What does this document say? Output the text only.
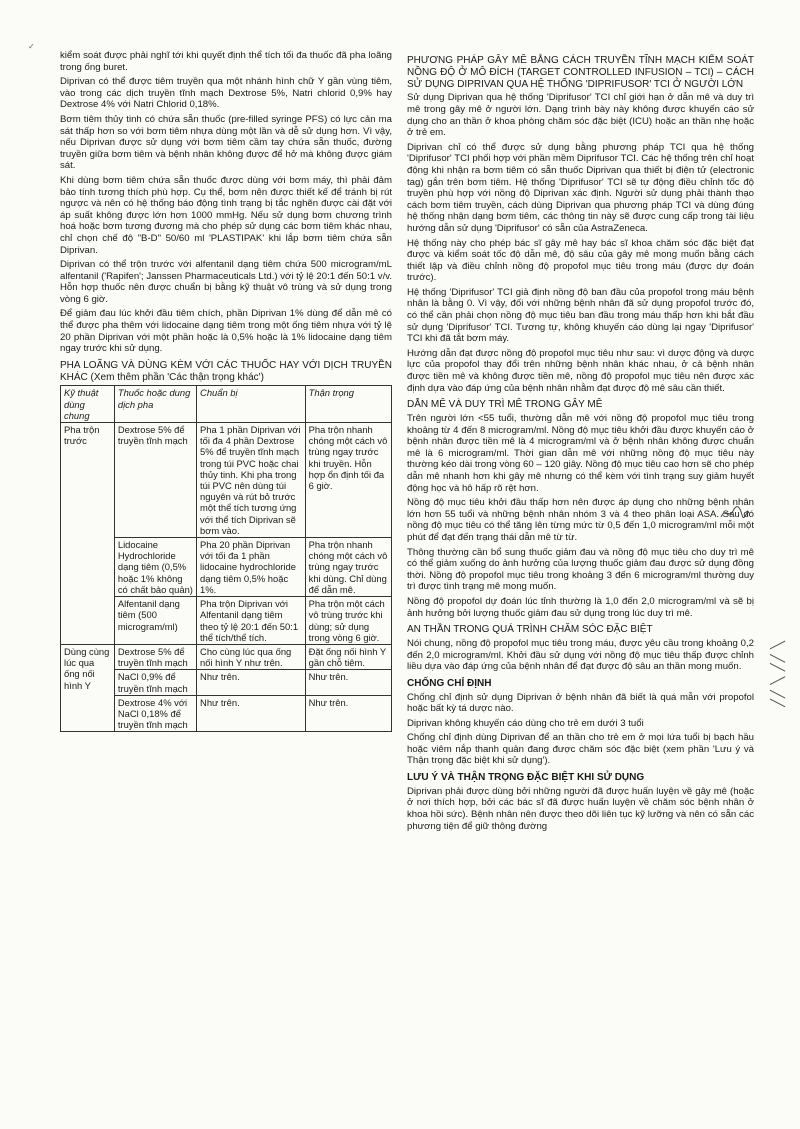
✓

kiểm soát được phải nghĩ tới khi quyết định thể tích tối đa thuốc đã pha loãng trong ống buret.

Diprivan có thể được tiêm truyền qua một nhánh hình chữ Y gần vùng tiêm, vào trong các dịch truyền tĩnh mạch Dextrose 5%, Natri chlorid 0,9% hay Dextrose 4% với Natri Chlorid 0,18%.

Bơm tiêm thủy tinh có chứa sẵn thuốc (pre-filled syringe PFS) có lực cản ma sát thấp hơn so với bơm tiêm nhựa dùng một lần và dễ sử dụng hơn. Vì vậy, nếu Diprivan được sử dụng với bơm tiêm cầm tay chứa sẵn thuốc, đường truyền giữa bơm tiêm và bệnh nhân không được để hở mà không được giám sát.

Khi dùng bơm tiêm chứa sẵn thuốc được dùng với bơm máy, thì phải đảm bảo tính tương thích phù hợp. Cụ thể, bơm nên được thiết kế để tránh bị rút ngược và nên có hệ thống báo động tình trạng bị tắc nghẽn được cài đặt với áp suất không được lớn hơn 1000 mmHg. Nếu sử dụng bơm chương trình hoá hoặc bơm tương đương mà cho phép sử dụng các bơm tiêm khác nhau, chỉ chọn chế độ "B-D" 50/60 ml 'PLASTIPAK' khi lắp bơm tiêm chứa sẵn Diprivan.

Diprivan có thể trộn trước với alfentanil dạng tiêm chứa 500 microgram/mL alfentanil ('Rapifen'; Janssen Pharmaceuticals Ltd.) với tỷ lệ 20:1 đến 50:1 v/v. Hỗn hợp thuốc nên được chuẩn bị bằng kỹ thuật vô trùng và sử dụng trong vòng 6 giờ.

Để giảm đau lúc khởi đầu tiêm chích, phần Diprivan 1% dùng để dẫn mê có thể được pha thêm với lidocaine dạng tiêm trong một ống tiêm nhựa với tỷ lệ 20 phần Diprivan với một phần hoặc là 0,5% hoặc là 1% lidocaine dạng tiêm ngay trước khi sử dụng.

PHA LOÃNG VÀ DÙNG KÈM VỚI CÁC THUỐC HAY VỚI DỊCH TRUYỀN KHÁC (Xem thêm phần 'Các thận trọng khác')
Kỹ thuật dùng chung	Thuốc hoặc dung dịch pha	Chuẩn bị	Thận trọng
Pha trộn trước	Dextrose 5% để truyền tĩnh mạch	Pha 1 phần Diprivan với tối đa 4 phần Dextrose 5% để truyền tĩnh mạch trong túi PVC hoặc chai thủy tinh. Khi pha trong túi PVC nên dùng túi nguyên và rút bỏ trước một thể tích tương ứng với thể tích Diprivan sẽ bơm vào.	Pha trộn nhanh chóng một cách vô trùng ngay trước khi truyền. Hỗn hợp ổn định tối đa 6 giờ.
	Lidocaine Hydrochloride dạng tiêm (0,5% hoặc 1% không có chất bảo quản)	Pha 20 phần Diprivan với tối đa 1 phần lidocaine hydrochloride dạng tiêm 0,5% hoặc 1%.	Pha trộn nhanh chóng một cách vô trùng ngay trước khi dùng. Chỉ dùng để dẫn mê.
	Alfentanil dạng tiêm (500 microgram/ml)	Pha trộn Diprivan với Alfentanil dạng tiêm theo tỷ lệ 20:1 đến 50:1 thể tích/thể tích.	Pha trộn một cách vô trùng trước khi dùng; sử dụng trong vòng 6 giờ.
Dùng cùng lúc qua ống nối hình Y	Dextrose 5% để truyền tĩnh mạch	Cho cùng lúc qua ống nối hình Y như trên.	Đặt ống nối hình Y gần chỗ tiêm.
	NaCl 0,9% để truyền tĩnh mạch	Như trên.	Như trên.
	Dextrose 4% với NaCl 0,18% để truyền tĩnh mạch	Như trên.	Như trên.
PHƯƠNG PHÁP GÂY MÊ BẰNG CÁCH TRUYỀN TĨNH MẠCH KIỂM SOÁT NỒNG ĐỘ Ở MÔ ĐÍCH (TARGET CONTROLLED INFUSION – TCI) – CÁCH SỬ DỤNG DIPRIVAN QUA HỆ THỐNG 'DIPRIFUSOR' TCI Ở NGƯỜI LỚN

Sử dụng Diprivan qua hệ thống 'Diprifusor' TCI chỉ giới hạn ở dẫn mê và duy trì mê trong gây mê ở người lớn. Dạng trình bày này không được khuyến cáo sử dụng cho an thần ở khoa phòng chăm sóc đặc biệt (ICU) hoặc an thần nhẹ hoặc ở trẻ em.

Diprivan chỉ có thể được sử dụng bằng phương pháp TCI qua hệ thống 'Diprifusor' TCI phối hợp với phần mềm Diprifusor TCI. Các hệ thống trên chỉ hoạt động khi nhận ra bơm tiêm có sẵn thuốc Diprivan qua thiết bị điện tử (electronic tag) gắn trên bơm tiêm. Hệ thống 'Diprifusor' TCI sẽ tự động điều chỉnh tốc độ truyền phù hợp với nồng độ Diprivan xác định. Người sử dụng phải thành thạo cách bơm tiêm truyền, cách dùng Diprivan qua phương pháp TCI và dùng đúng hệ thống nhận dạng bơm tiêm, các thông tin này sẽ được cung cấp trong tài liệu hướng dẫn sử dụng 'Diprifusor' có sẵn của AstraZeneca.

Hệ thống này cho phép bác sĩ gây mê hay bác sĩ khoa chăm sóc đặc biệt đạt được và kiểm soát tốc độ dẫn mê, độ sâu của gây mê mong muốn bằng cách thiết lập và điều chỉnh nồng độ propofol mục tiêu trong máu (được dự đoán trước).

Hệ thống 'Diprifusor' TCI giả định nồng độ ban đầu của propofol trong máu bệnh nhân là bằng 0. Vì vậy, đối với những bệnh nhân đã sử dụng propofol trước đó, có thể cần phải chọn nồng độ mục tiêu ban đầu trong máu thấp hơn khi bắt đầu sử dụng 'Diprifusor' TCI. Tương tự, không khuyến cáo dùng lại ngay 'Diprifusor' TCI khi đã tắt bơm máy.

Hướng dẫn đạt được nồng độ propofol mục tiêu như sau: vì dược động và dược lực của propofol thay đổi trên những bệnh nhân khác nhau, ở cả bệnh nhân được tiền mê và không được tiền mê, nồng độ propofol mục tiêu nên được xác định dựa vào đáp ứng của bệnh nhân nhằm đạt được độ mê sâu cần thiết.

DẪN MÊ VÀ DUY TRÌ MÊ TRONG GÂY MÊ

Trên người lớn <55 tuổi, thường dẫn mê với nồng độ propofol mục tiêu trong khoảng từ 4 đến 8 microgram/ml. Nồng độ mục tiêu khởi đầu được khuyến cáo ở bệnh nhân được tiền mê là 4 microgram/ml và ở bệnh nhân không được chuẩn mê là 6 microgram/ml. Thời gian dẫn mê với những nồng độ mục tiêu này thường kéo dài trong vòng 60 – 120 giây. Nồng độ mục tiêu cao hơn sẽ cho phép dẫn mê nhanh hơn khi gây mê nhưng có thể kèm với tình trạng suy giảm huyết động học và hô hấp rõ rệt hơn.

Nồng độ mục tiêu khởi đầu thấp hơn nên được áp dụng cho những bệnh nhân lớn hơn 55 tuổi và những bệnh nhân nhóm 3 và 4 theo phân loại ASA. Sau đó nồng độ mục tiêu có thể tăng lên từng mức từ 0,5 đến 1,0 microgram/ml mỗi một phút để đạt đến trạng thái dẫn mê từ từ.

Thông thường cần bổ sung thuốc giảm đau và nồng độ mục tiêu cho duy trì mê có thể giảm xuống do ảnh hưởng của lượng thuốc giảm đau được sử dụng đồng thời. Nồng độ propofol mục tiêu trong khoảng 3 đến 6 microgram/ml thường duy trì được tình trạng mê mong muốn.

Nồng độ propofol dự đoán lúc tỉnh thường là 1,0 đến 2,0 microgram/ml và sẽ bị ảnh hưởng bởi lượng thuốc giảm đau sử dụng trong lúc duy trì mê.

AN THẦN TRONG QUÁ TRÌNH CHĂM SÓC ĐẶC BIỆT

Nói chung, nồng độ propofol mục tiêu trong máu, được yêu cầu trong khoảng 0,2 đến 2,0 microgram/ml. Khởi đầu sử dụng với nồng độ mục tiêu thấp được chỉnh liều dựa vào đáp ứng của bệnh nhân để đạt được độ sâu an thần mong muốn.

CHỐNG CHỈ ĐỊNH

Chống chỉ định sử dụng Diprivan ở bệnh nhân đã biết là quá mẫn với propofol hoặc bất kỳ tá dược nào.

Diprivan không khuyến cáo dùng cho trẻ em dưới 3 tuổi

Chống chỉ định dùng Diprivan để an thần cho trẻ em ở mọi lứa tuổi bị bạch hầu hoặc viêm nắp thanh quản đang được chăm sóc đặc biệt (xem phần 'Lưu ý và Thận trọng đặc biệt khi sử dụng').

LƯU Ý VÀ THẬN TRỌNG ĐẶC BIỆT KHI SỬ DỤNG

Diprivan phải được dùng bởi những người đã được huấn luyện về gây mê (hoặc ở nơi thích hợp, bởi các bác sĩ đã được huấn luyện về chăm sóc bệnh nhân ở khoa hồi sức). Bệnh nhân nên được theo dõi liên tục kỹ lưỡng và nên có sẵn các phương tiện để giữ thông đường

╱╱ ╲ ╱╱ ╲
